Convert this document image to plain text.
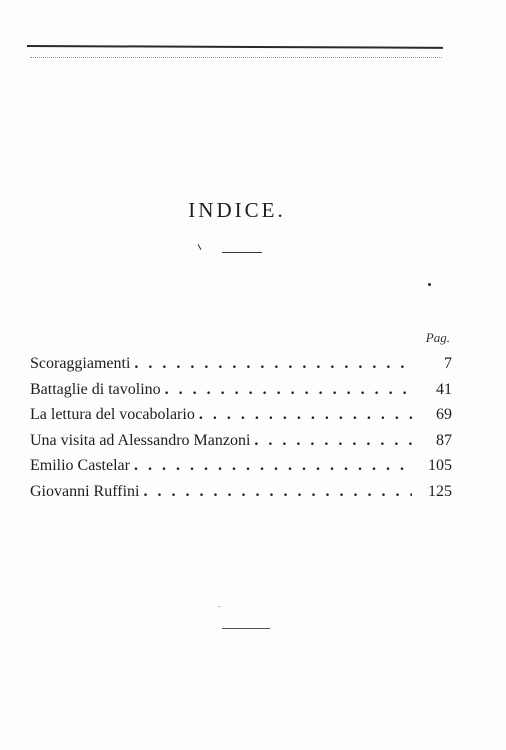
INDICE.
Pag.
Scoraggiamenti . . .	7
Battaglie di tavolino . . .	41
La lettura del vocabolario . . .	69
Una visita ad Alessandro Manzoni . . .	87
Emilio Castelar . . .	105
Giovanni Ruffini . . .	125
